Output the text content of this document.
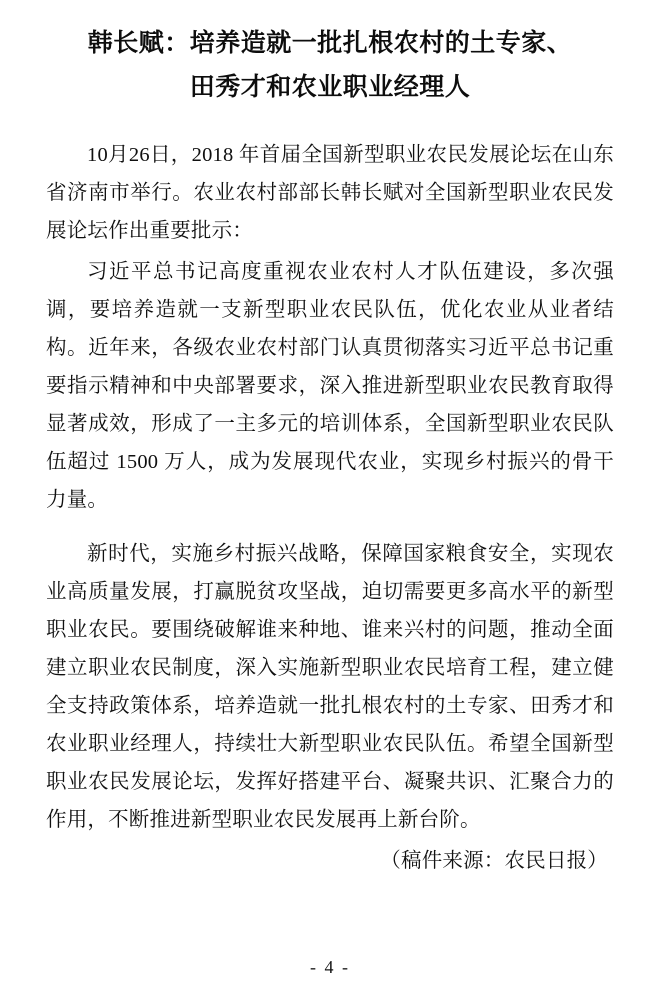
韩长赋：培养造就一批扎根农村的土专家、
田秀才和农业职业经理人

10月26日，2018 年首届全国新型职业农民发展论坛在山东省济南市举行。农业农村部部长韩长赋对全国新型职业农民发展论坛作出重要批示：

习近平总书记高度重视农业农村人才队伍建设，多次强调，要培养造就一支新型职业农民队伍，优化农业从业者结构。近年来，各级农业农村部门认真贯彻落实习近平总书记重要指示精神和中央部署要求，深入推进新型职业农民教育取得显著成效，形成了一主多元的培训体系，全国新型职业农民队伍超过 1500 万人，成为发展现代农业，实现乡村振兴的骨干力量。

新时代，实施乡村振兴战略，保障国家粮食安全，实现农业高质量发展，打赢脱贫攻坚战，迫切需要更多高水平的新型职业农民。要围绕破解谁来种地、谁来兴村的问题，推动全面建立职业农民制度，深入实施新型职业农民培育工程，建立健全支持政策体系，培养造就一批扎根农村的土专家、田秀才和农业职业经理人，持续壮大新型职业农民队伍。希望全国新型职业农民发展论坛，发挥好搭建平台、凝聚共识、汇聚合力的作用，不断推进新型职业农民发展再上新台阶。

（稿件来源：农民日报）

- 4 -
